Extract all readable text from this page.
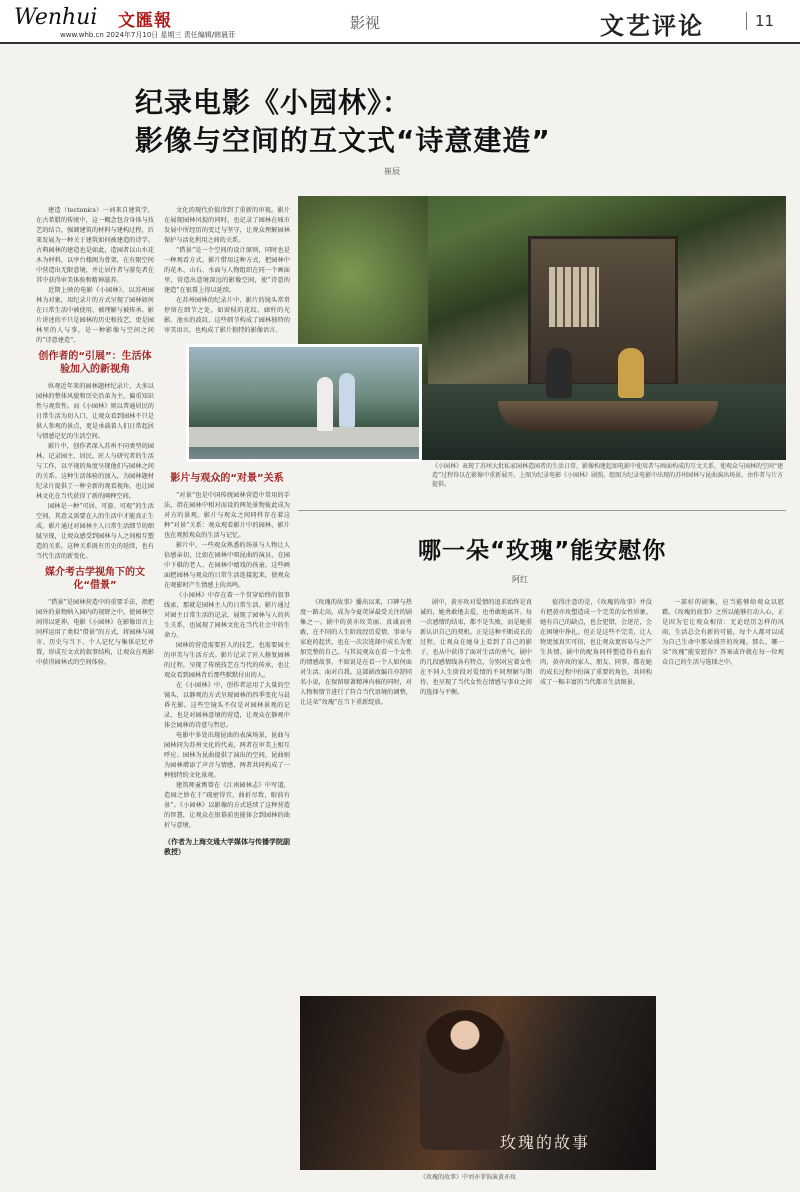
Wenhui 文匯報
www.whb.cn 2024年7月10日 星期三 责任编辑/韩晨菲
影视	文艺评论	11
纪录电影《小园林》：
影像与空间的互文式“诗意建造”
崔辰

建造（tectonics）一词来自建筑学，在古希腊的传统中，这一概念包含身体与技艺的结合，强调建筑的材料与建构过程，后来发展为一种关于建筑如何被建造的诗学。古典园林的建造也是如此，造园者以山水花木为材料，以亭台楼阁为骨架，在有限空间中营造出无限意境，并让居住者与游览者在其中获得审美体验和精神滋养。

近期上映的电影《小园林》，以苏州园林为对象，用纪录片的方式呈现了园林如何在日常生活中被使用、被理解与被传承。影片讲述的不只是园林的历史和技艺，更是园林里的人与事，是一种影像与空间之间的“诗意建造”。

创作者的“引展”：生活体验加入的新视角

纵观近年来的园林题材纪录片，大多以园林的整体风貌和历史沿革为主，偏重知识性与观赏性。而《小园林》则以普通居民的日常生活为切入口，让观众看到园林不只是供人参观的景点，更是承载着人们日常起居与情感记忆的生活空间。

影片中，创作者深入苏州不同类型的园林，记录园主、居民、匠人与研究者的生活与工作，以平视的角度呈现他们与园林之间的关系。这种生活体验的加入，为园林题材纪录片提供了一种全新的观看视角，也让园林文化在当代获得了新的阐释空间。

园林是一种“可居、可游、可观”的生活空间，其意义需要在人的生活中才能真正生成。影片通过对园林主人日常生活细节的细腻呈现，让观众感受到园林与人之间相互塑造的关系，这种关系既有历史的延续，也有当代生活的新变化。

媒介考古学视角下的文化“借景”

“借景”是园林营造中的重要手法，指把园外的景物纳入园内的视野之中，使园林空间得以延伸。电影《小园林》在影像语言上同样运用了类似“借景”的方式，将园林与城市、历史与当下、个人记忆与集体记忆并置，形成互文式的叙事结构，让观众在观影中获得园林式的空间体验。

文化的现代价值得到了重新的审视。影片在展现园林风貌的同时，也记录了园林在城市发展中所经历的变迁与坚守，让观众理解园林保护与活化利用之间的关系。

“借景”是一个空间的设计原则，同时也是一种观看方式。影片借用这种方式，把园林中的花木、山石、水面与人物组织在同一个画面里，营造出意境深远的影像空间，使“诗意的建造”在银幕上得以延续。

在苏州园林的纪录片中，影片的镜头常常停留在细节之处，如窗棂的花纹、廊柱的光影、池水的波纹，这些细节构成了园林独特的审美语言，也构成了影片独特的影像语言。

影片与观众的“对景”关系

“对景”也是中国传统园林营造中常用的手法，指在园林中相对而设的两处景物彼此成为对方的景观。影片与观众之间同样存在着这种“对景”关系：观众观看影片中的园林，影片也在观照观众的生活与记忆。

影片中，一些观众熟悉的场景与人物让人倍感亲切，比如在园林中唱昆曲的演员、在园中下棋的老人、在园林中嬉戏的孩童。这些画面把园林与观众的日常生活连接起来，使观众在观影时产生情感上的共鸣。

《小园林》中存在着一个贯穿始终的叙事线索，那就是园林主人的日常生活。影片通过对园主日常生活的记录，展现了园林与人的共生关系，也展现了园林文化在当代社会中的生命力。

园林的营造需要匠人的技艺，也需要园主的审美与生活方式。影片记录了匠人修复园林的过程，呈现了传统技艺在当代的传承，也让观众看到园林背后那些默默付出的人。

在《小园林》中，创作者运用了大量的空镜头，以静观的方式呈现园林的四季变化与晨昏光影。这些空镜头不仅是对园林景观的记录，也是对园林意境的营造，让观众在静观中体会园林的诗意与哲思。

电影中多处出现昆曲的表演场景，昆曲与园林同为苏州文化的代表，两者在审美上相互呼应。园林为昆曲提供了演出的空间，昆曲则为园林增添了声音与情感，两者共同构成了一种独特的文化景观。

建筑师童寯曾在《江南园林志》中写道，造园之妙在于“疏密得宜，曲折尽致，眼前有景”。《小园林》以影像的方式延续了这种营造的智慧，让观众在银幕前也能体会到园林的曲折与意境。

（作者为上海交通大学媒体与传播学院副教授）

《小园林》表现了苏州大批私家园林造园者的生活日常，影像构建起如电影中使用者与画面构成的互文关系，使观众与园林的空间“建造”过程得以在影像中重新展开。上图为纪录电影《小园林》剧照。组图为纪录电影中出现的苏州园林与昆曲演出场景，由作者与片方提供。
哪一朵“玫瑰”能安慰你
阿红

《玫瑰的故事》播出以来，口碑与热度一路走高，成为今夏荧屏最受关注的剧集之一。剧中的黄亦玫美丽、真诚而勇敢，在不同的人生阶段经历爱情、事业与家庭的起伏，也在一次次选择中成长为更加完整的自己。与其说观众在看一个女性的情感故事，不如说是在看一个人如何面对生活、面对自我。这部剧改编自亦舒同名小说，在保留原著精神内核的同时，对人物和情节进行了符合当代语境的调整，让这朵“玫瑰”在当下重新绽放。

剧中，黄亦玫对爱情的追求始终是真诚的，她勇敢地去爱，也勇敢地离开。每一次感情的结束，都不是失败，而是她重新认识自己的契机。正是这种不断成长的过程，让观众在她身上看到了自己的影子，也从中获得了面对生活的勇气。剧中的几段感情线各有特点，分别对应着女性在不同人生阶段对爱情的不同理解与期待，也呈现了当代女性在情感与事业之间的选择与平衡。

值得注意的是，《玫瑰的故事》并没有把黄亦玫塑造成一个完美的女性形象。她有自己的缺点，也会犯错，会迷茫，会在困境中挣扎。但正是这些不完美，让人物更加真实可信，也让观众更容易与之产生共情。剧中的配角同样塑造得有血有肉，黄亦玫的家人、朋友、同事，都在她的成长过程中扮演了重要的角色，共同构成了一幅丰富的当代都市生活图景。

一部好的剧集，应当能够给观众以慰藉。《玫瑰的故事》之所以能够打动人心，正是因为它让观众相信：无论经历怎样的风雨，生活总会有新的可能，每个人都可以成为自己生命中那朵盛开的玫瑰。那么，哪一朵“玫瑰”能安慰你？答案或许就在每一位观众自己的生活与选择之中。

玫瑰的故事
《玫瑰的故事》中刘亦菲饰演黄亦玫
